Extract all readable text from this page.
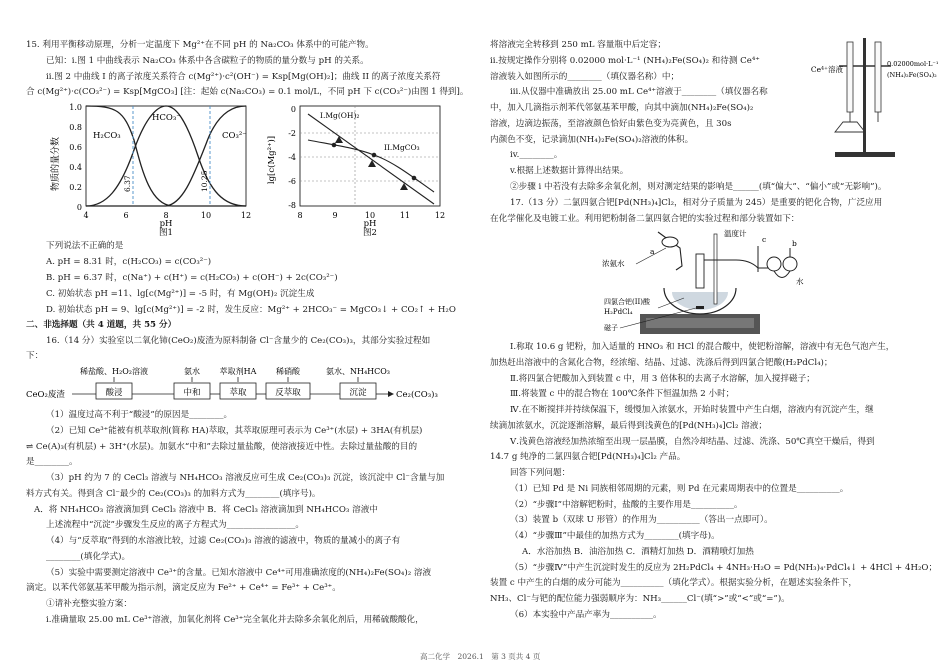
15. 利用平衡移动原理，分析一定温度下 Mg²⁺在不同 pH 的 Na₂CO₃ 体系中的可能产物。
已知：i.图 1 中曲线表示 Na₂CO₃ 体系中各含碳粒子的物质的量分数与 pH 的关系。
ii.图 2 中曲线 I 的离子浓度关系符合 c(Mg²⁺)·c²(OH⁻) = Ksp[Mg(OH)₂]；曲线 II 的离子浓度关系符
合 c(Mg²⁺)·c(CO₃²⁻) = Ksp[MgCO₃] [注：起始 c(Na₂CO₃) = 0.1 mol/L，不同 pH 下 c(CO₃²⁻)由图 1 得到]。
物质的量分数
1.0
0.8
0.6
0.4
0.2
0
6.37	10.25
H₂CO₃
HCO₃⁻
CO₃²⁻
4	6	8	10	12
pH
图1
lg[c(Mg²⁺)]
0
-2
-4
-6
-8
I.Mg(OH)₂
II.MgCO₃
8	9	10	11	12
pH
图2
下列说法不正确的是
A. pH = 8.31 时，c(H₂CO₃) = c(CO₃²⁻)
B. pH = 6.37 时，c(Na⁺) + c(H⁺) = c(H₂CO₃) + c(OH⁻) + 2c(CO₃²⁻)
C. 初始状态 pH =11、lg[c(Mg²⁺)] = -5 时，有 Mg(OH)₂ 沉淀生成
D. 初始状态 pH = 9、lg[c(Mg²⁺)] = -2 时，发生反应：Mg²⁺ + 2HCO₃⁻ = MgCO₃↓ + CO₂↑ + H₂O
二、非选择题（共 4 道题，共 55 分）
16.（14 分）实验室以二氧化铈(CeO₂)废渣为原料制备 Cl⁻含量少的 Ce₂(CO₃)₃，其部分实验过程如
下：
稀盐酸、H₂O₂溶液	氨水 萃取剂HA 稀硝酸	氨水、NH₄HCO₃
CeO₂废渣	酸浸	中和	萃取	反萃取	沉淀	Ce₂(CO₃)₃
（1）温度过高不利于“酸浸”的原因是________。
（2）已知 Ce³⁺能被有机萃取剂(简称 HA)萃取，其萃取原理可表示为 Ce³⁺(水层) + 3HA(有机层)
⇌ Ce(A)₃(有机层) + 3H⁺(水层)。加氨水“中和”去除过量盐酸，使溶液接近中性。去除过量盐酸的目的
是________。
（3）pH 约为 7 的 CeCl₃ 溶液与 NH₄HCO₃ 溶液反应可生成 Ce₂(CO₃)₃ 沉淀，该沉淀中 Cl⁻含量与加
料方式有关。得到含 Cl⁻最少的 Ce₂(CO₃)₃ 的加料方式为________(填序号)。
A．将 NH₄HCO₃ 溶液滴加到 CeCl₃ 溶液中 B．将 CeCl₃ 溶液滴加到 NH₄HCO₃ 溶液中
上述流程中“沉淀”步骤发生反应的离子方程式为________________。
（4）与“反萃取”得到的水溶液比较，过滤 Ce₂(CO₃)₃ 溶液的滤液中，物质的量减小的离子有
________(填化学式)。
（5）实验中需要测定溶液中 Ce³⁺的含量。已知水溶液中 Ce⁴⁺可用准确浓度的(NH₄)₂Fe(SO₄)₂ 溶液
滴定。以苯代邻氨基苯甲酸为指示剂，滴定反应为 Fe²⁺ + Ce⁴⁺ = Fe³⁺ + Ce³⁺。
①请补充整实验方案：
i.准确量取 25.00 mL Ce³⁺溶液，加氧化剂将 Ce³⁺完全氧化并去除多余氧化剂后，用稀硫酸酸化，
将溶液完全转移到 250 mL 容量瓶中后定容；
ii.按规定操作分别将 0.02000 mol·L⁻¹ (NH₄)₂Fe(SO₄)₂ 和待测 Ce⁴⁺
溶液装入如图所示的________（填仪器名称）中；
iii.从仪器中准确放出 25.00 mL Ce⁴⁺溶液于________（填仪器名称
中，加入几滴指示剂苯代邻氨基苯甲酸，向其中滴加(NH₄)₂Fe(SO₄)₂
溶液，边滴边振荡，至溶液颜色恰好由紫色变为亮黄色，且 30s
内颜色不变，记录滴加(NH₄)₂Fe(SO₄)₂溶液的体积。
iv.________。
v.根据上述数据计算得出结果。
②步骤 i 中若没有去除多余氧化剂，则对测定结果的影响是______(填“偏大”、“偏小”或“无影响”)。
Ce⁴⁺溶液
0.02000mol·L⁻¹
(NH₄)₂Fe(SO₄)₂
17.（13 分）二氯四氨合钯[Pd(NH₃)₄]Cl₂，相对分子质量为 245）是重要的钯化合物，广泛应用
在化学催化及电镀工业。利用钯粉制备二氯四氨合钯的实验过程和部分装置如下：
温度计
浓氨水
a
b
c
水
四氯合钯(II)酸
H₂PdCl₄
磁子
Ⅰ.称取 10.6 g 钯粉，加入适量的 HNO₃ 和 HCl 的混合酸中，使钯粉溶解，溶液中有无色气泡产生，
加热赶出溶液中的含氮化合物，经浓缩、结晶、过滤、洗涤后得到四氯合钯酸(H₂PdCl₄)；
Ⅱ.将四氯合钯酸加入到装置 c 中，用 3 倍体积的去离子水溶解，加入搅拌磁子；
Ⅲ.将装置 c 中的混合物在 100℃条件下恒温加热 2 小时；
Ⅳ.在不断搅拌并持续保温下，缓慢加入浓氨水，开始时装置中产生白烟，溶液内有沉淀产生，继
续滴加浓氨水，沉淀逐渐溶解，最后得到浅黄色的[Pd(NH₃)₄]Cl₂ 溶液；
Ⅴ.浅黄色溶液经加热浓缩至出现一层晶膜，自然冷却结晶、过滤、洗涤、50℃真空干燥后，得到
14.7 g 纯净的二氯四氨合钯[Pd(NH₃)₄]Cl₂ 产品。
回答下列问题：
（1）已知 Pd 是 Ni 同族相邻周期的元素，则 Pd 在元素周期表中的位置是__________。
（2）“步骤Ⅰ”中溶解钯粉时，盐酸的主要作用是__________。
（3）装置 b（双球 U 形管）的作用为__________（答出一点即可）。
（4）“步骤Ⅲ”中最佳的加热方式为________(填字母)。
A．水浴加热 B．油浴加热 C．酒精灯加热 D．酒精喷灯加热
（5）“步骤Ⅳ”中产生沉淀时发生的反应为 2H₂PdCl₄ + 4NH₃·H₂O = Pd(NH₃)₄·PdCl₄↓ + 4HCl + 4H₂O；
装置 c 中产生的白烟的成分可能为__________（填化学式）。根据实验分析，在题述实验条件下，
NH₃、Cl⁻与钯的配位能力强弱顺序为：NH₃______Cl⁻(填“>”或“<”或“=”)。
（6）本实验中产品产率为__________。
高二化学　2026.1　第 3 页共 4 页
